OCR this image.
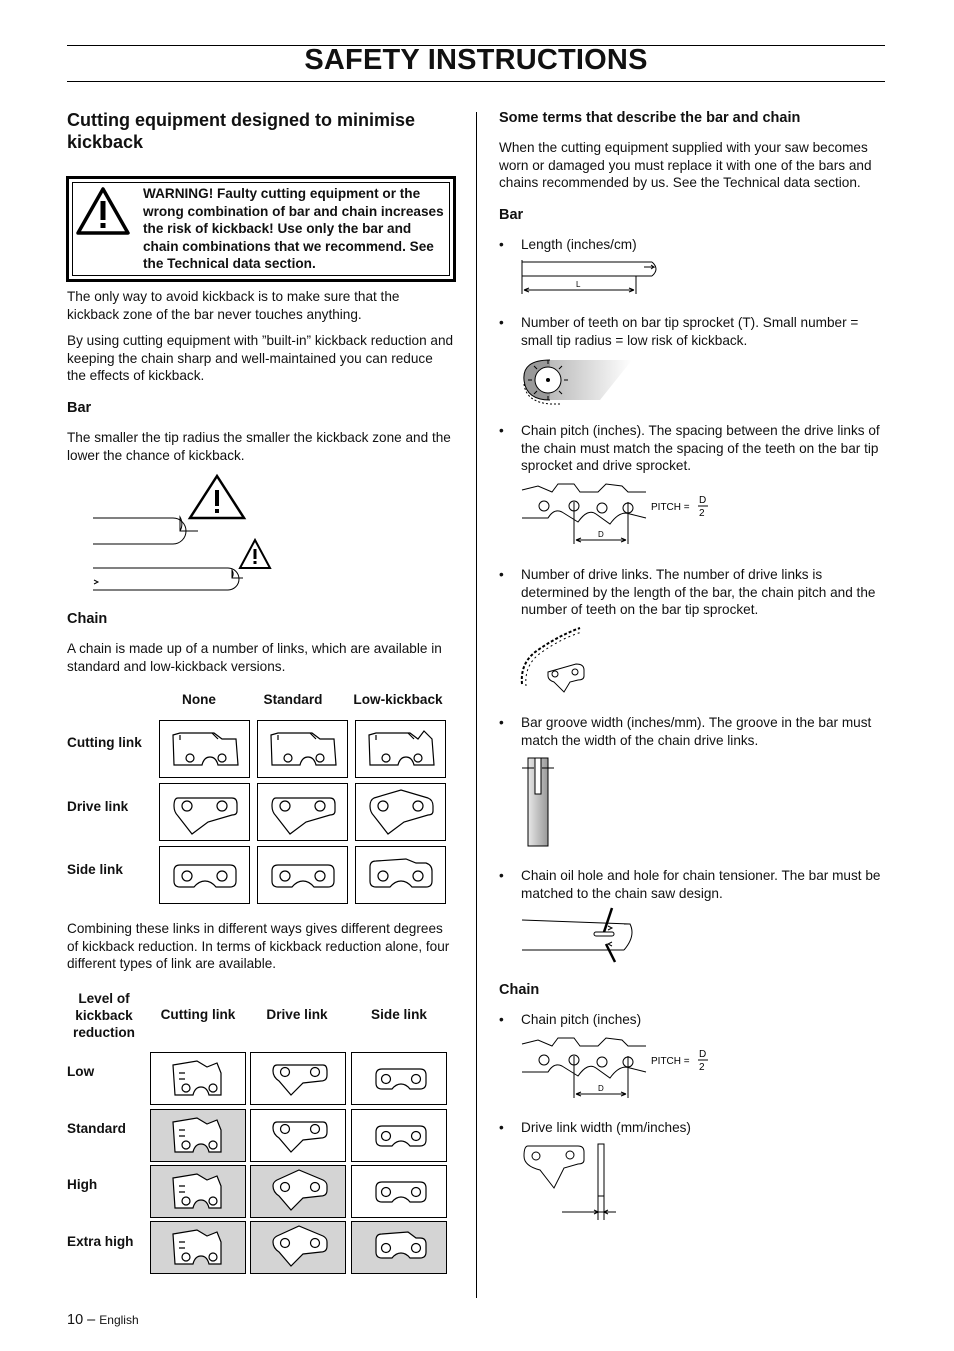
SAFETY INSTRUCTIONS
Cutting equipment designed to minimise kickback
WARNING! Faulty cutting equipment or the wrong combination of bar and chain increases the risk of kickback! Use only the bar and chain combinations that we recommend. See the Technical data section.
The only way to avoid kickback is to make sure that the kickback zone of the bar never touches anything.
By using cutting equipment with ”built-in” kickback reduction and keeping the chain sharp and well-maintained you can reduce the effects of kickback.
Bar
The smaller the tip radius the smaller the kickback zone and the lower the chance of kickback.
Chain
A chain is made up of a number of links, which are available in standard and low-kickback versions.
None	Standard	Low-kickback
Cutting link
Drive link
Side link
Combining these links in different ways gives different degrees of kickback reduction. In terms of kickback reduction alone, four different types of link are available.
Level of kickback reduction
Cutting link	Drive link	Side link
Low
Standard
High
Extra high
Some terms that describe the bar and chain
When the cutting equipment supplied with your saw becomes worn or damaged you must replace it with one of the bars and chains recommended by us. See the Technical data section.
Bar
• Length (inches/cm)
L
• Number of teeth on bar tip sprocket (T). Small number = small tip radius = low risk of kickback.
• Chain pitch (inches). The spacing between the drive links of the chain must match the spacing of the teeth on the bar tip sprocket and drive sprocket.
D
PITCH =
D
2
• Number of drive links. The number of drive links is determined by the length of the bar, the chain pitch and the number of teeth on the bar tip sprocket.
• Bar groove width (inches/mm). The groove in the bar must match the width of the chain drive links.
• Chain oil hole and hole for chain tensioner. The bar must be matched to the chain saw design.
Chain
• Chain pitch (inches)
D
PITCH =
D
2
• Drive link width (mm/inches)
10 – English
